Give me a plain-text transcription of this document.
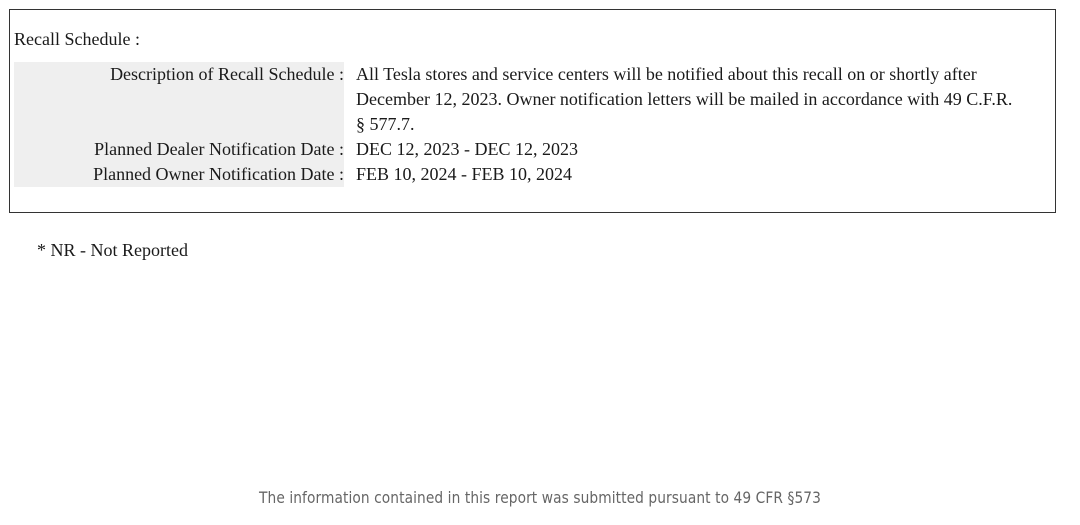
Recall Schedule :
Description of Recall Schedule :	All Tesla stores and service centers will be notified about this recall on or shortly after December 12, 2023. Owner notification letters will be mailed in accordance with 49 C.F.R. § 577.7.

Planned Dealer Notification Date :	DEC 12, 2023 - DEC 12, 2023
Planned Owner Notification Date :	FEB 10, 2024 - FEB 10, 2024
* NR - Not Reported
The information contained in this report was submitted pursuant to 49 CFR §573
